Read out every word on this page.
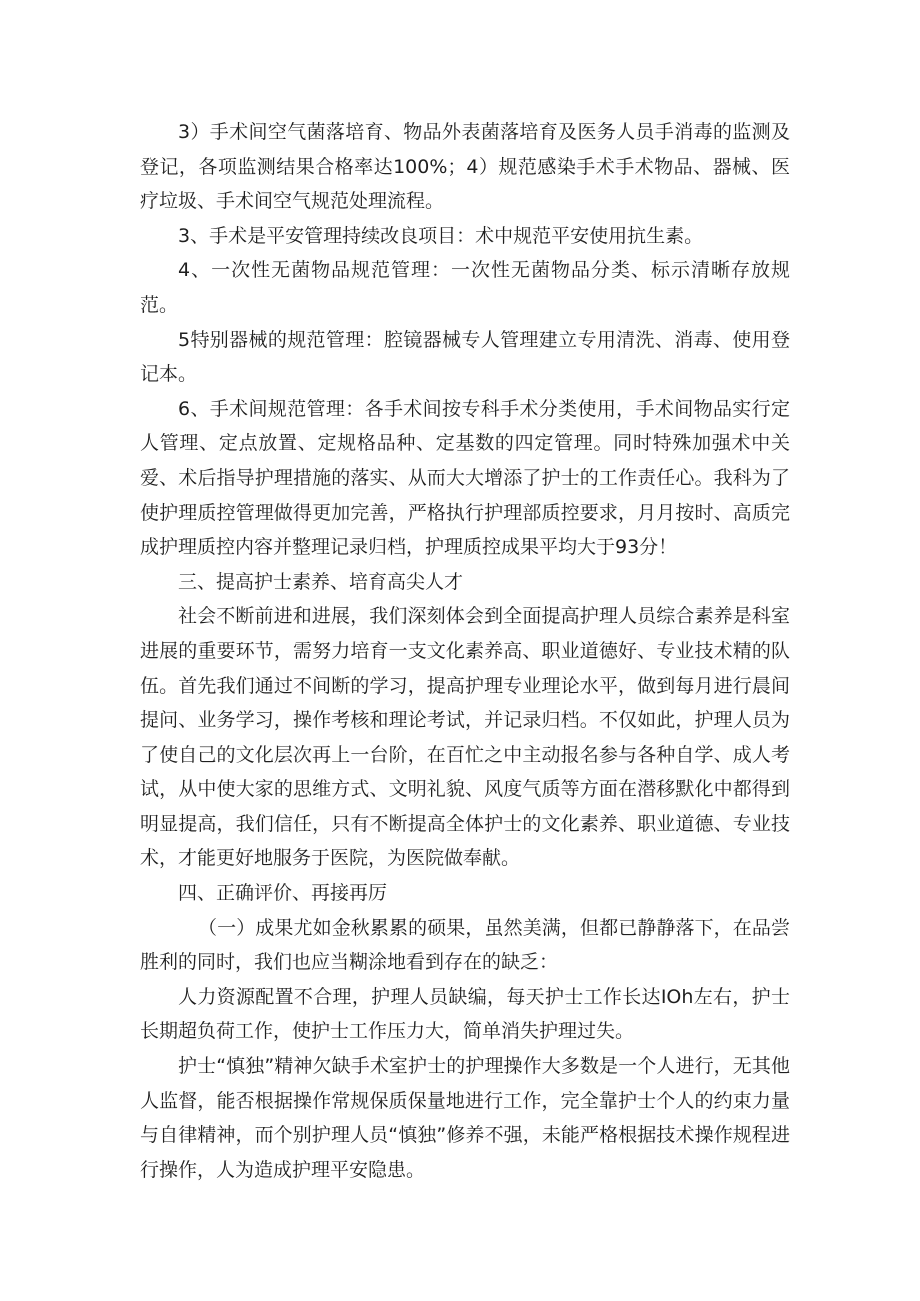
3）手术间空气菌落培育、物品外表菌落培育及医务人员手消毒的监测及登记，各项监测结果合格率达100%；4）规范感染手术手术物品、器械、医疗垃圾、手术间空气规范处理流程。

3、手术是平安管理持续改良项目：术中规范平安使用抗生素。

4、一次性无菌物品规范管理：一次性无菌物品分类、标示清晰存放规范。

5特别器械的规范管理：腔镜器械专人管理建立专用清洗、消毒、使用登记本。

6、手术间规范管理：各手术间按专科手术分类使用，手术间物品实行定人管理、定点放置、定规格品种、定基数的四定管理。同时特殊加强术中关爱、术后指导护理措施的落实、从而大大增添了护士的工作责任心。我科为了使护理质控管理做得更加完善，严格执行护理部质控要求，月月按时、高质完成护理质控内容并整理记录归档，护理质控成果平均大于93分！

三、提高护士素养、培育高尖人才

社会不断前进和进展，我们深刻体会到全面提高护理人员综合素养是科室进展的重要环节，需努力培育一支文化素养高、职业道德好、专业技术精的队伍。首先我们通过不间断的学习，提高护理专业理论水平，做到每月进行晨间提问、业务学习，操作考核和理论考试，并记录归档。不仅如此，护理人员为了使自己的文化层次再上一台阶，在百忙之中主动报名参与各种自学、成人考试，从中使大家的思维方式、文明礼貌、风度气质等方面在潜移默化中都得到明显提高，我们信任，只有不断提高全体护士的文化素养、职业道德、专业技术，才能更好地服务于医院，为医院做奉献。

四、正确评价、再接再厉

（一）成果尤如金秋累累的硕果，虽然美满，但都已静静落下，在品尝胜利的同时，我们也应当糊涂地看到存在的缺乏：

人力资源配置不合理，护理人员缺编，每天护士工作长达IOh左右，护士长期超负荷工作，使护士工作压力大，简单消失护理过失。

护士“慎独”精神欠缺手术室护士的护理操作大多数是一个人进行，无其他人监督，能否根据操作常规保质保量地进行工作，完全靠护士个人的约束力量与自律精神，而个别护理人员“慎独”修养不强，未能严格根据技术操作规程进行操作，人为造成护理平安隐患。
